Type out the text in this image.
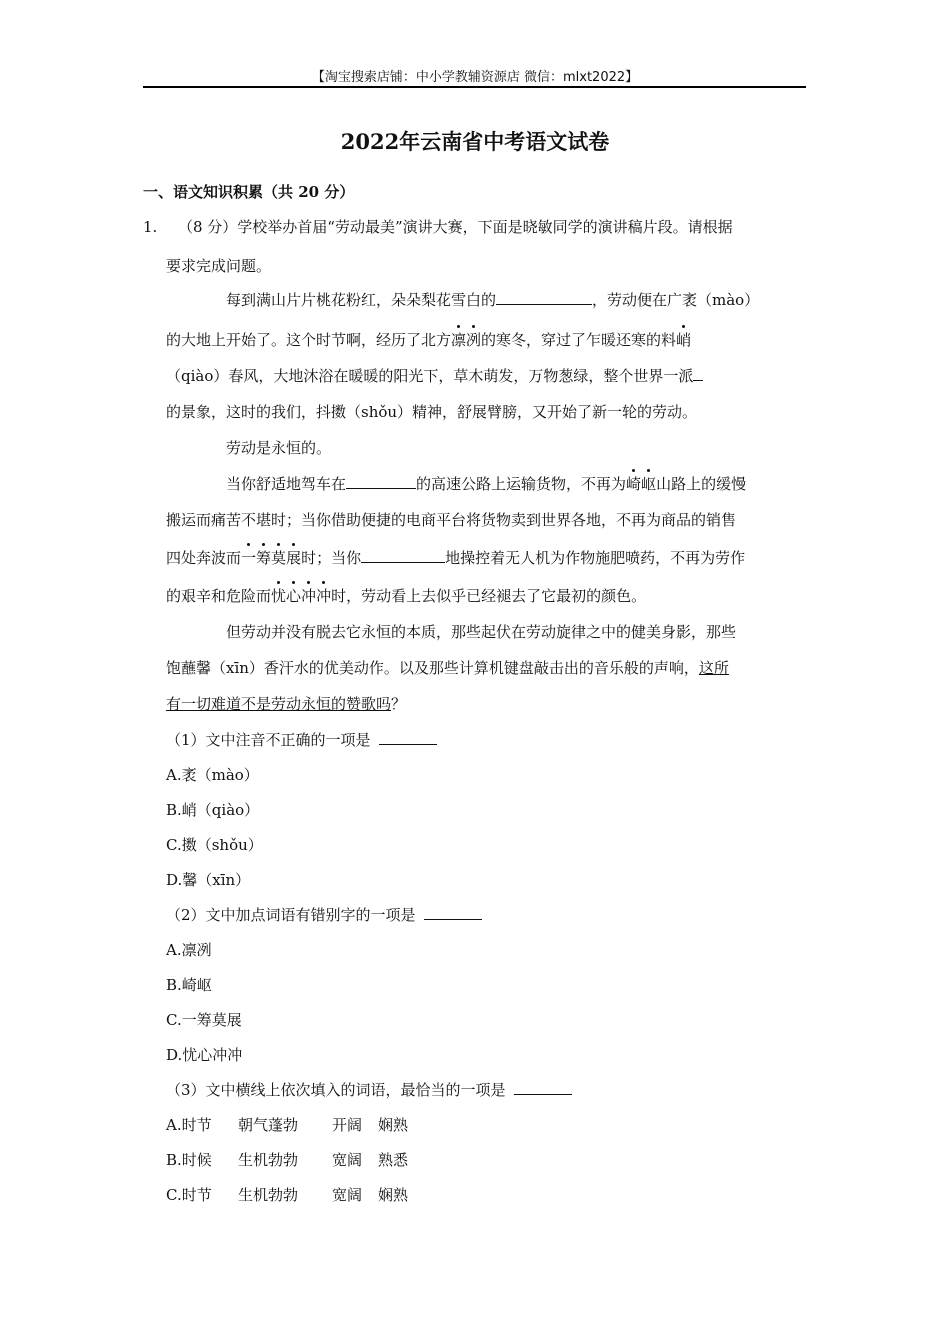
【淘宝搜索店铺：中小学教辅资源店 微信：mlxt2022】
2022年云南省中考语文试卷
一、语文知识积累（共 20 分）
1. （8 分）学校举办首届“劳动最美”演讲大赛，下面是晓敏同学的演讲稿片段。请根据
要求完成问题。
每到满山片片桃花粉红，朵朵梨花雪白的	，劳动便在广袤（mào）
的大地上开始了。这个时节啊，经历了北方凛冽的寒冬，穿过了乍暖还寒的料峭
（qiào）春风，大地沐浴在暖暖的阳光下，草木萌发，万物葱绿，整个世界一派
的景象，这时的我们，抖擞（shǒu）精神，舒展臂膀，又开始了新一轮的劳动。
劳动是永恒的。
当你舒适地驾车在	的高速公路上运输货物，不再为崎岖山路上的缓慢
搬运而痛苦不堪时；当你借助便捷的电商平台将货物卖到世界各地，不再为商品的销售
四处奔波而一筹莫展时；当你	地操控着无人机为作物施肥喷药，不再为劳作
的艰辛和危险而忧心冲冲时，劳动看上去似乎已经褪去了它最初的颜色。
但劳动并没有脱去它永恒的本质，那些起伏在劳动旋律之中的健美身影，那些
饱蘸馨（xīn）香汗水的优美动作。以及那些计算机键盘敲击出的音乐般的声响，这所
有一切难道不是劳动永恒的赞歌吗？
（1）文中注音不正确的一项是
A.袤（mào）
B.峭（qiào）
C.擞（shǒu）
D.馨（xīn）
（2）文中加点词语有错别字的一项是
A.凛冽
B.崎岖
C.一筹莫展
D.忧心冲冲
（3）文中横线上依次填入的词语，最恰当的一项是
A.时节 朝气蓬勃 开阔 娴熟
B.时候 生机勃勃 宽阔 熟悉
C.时节 生机勃勃 宽阔 娴熟
